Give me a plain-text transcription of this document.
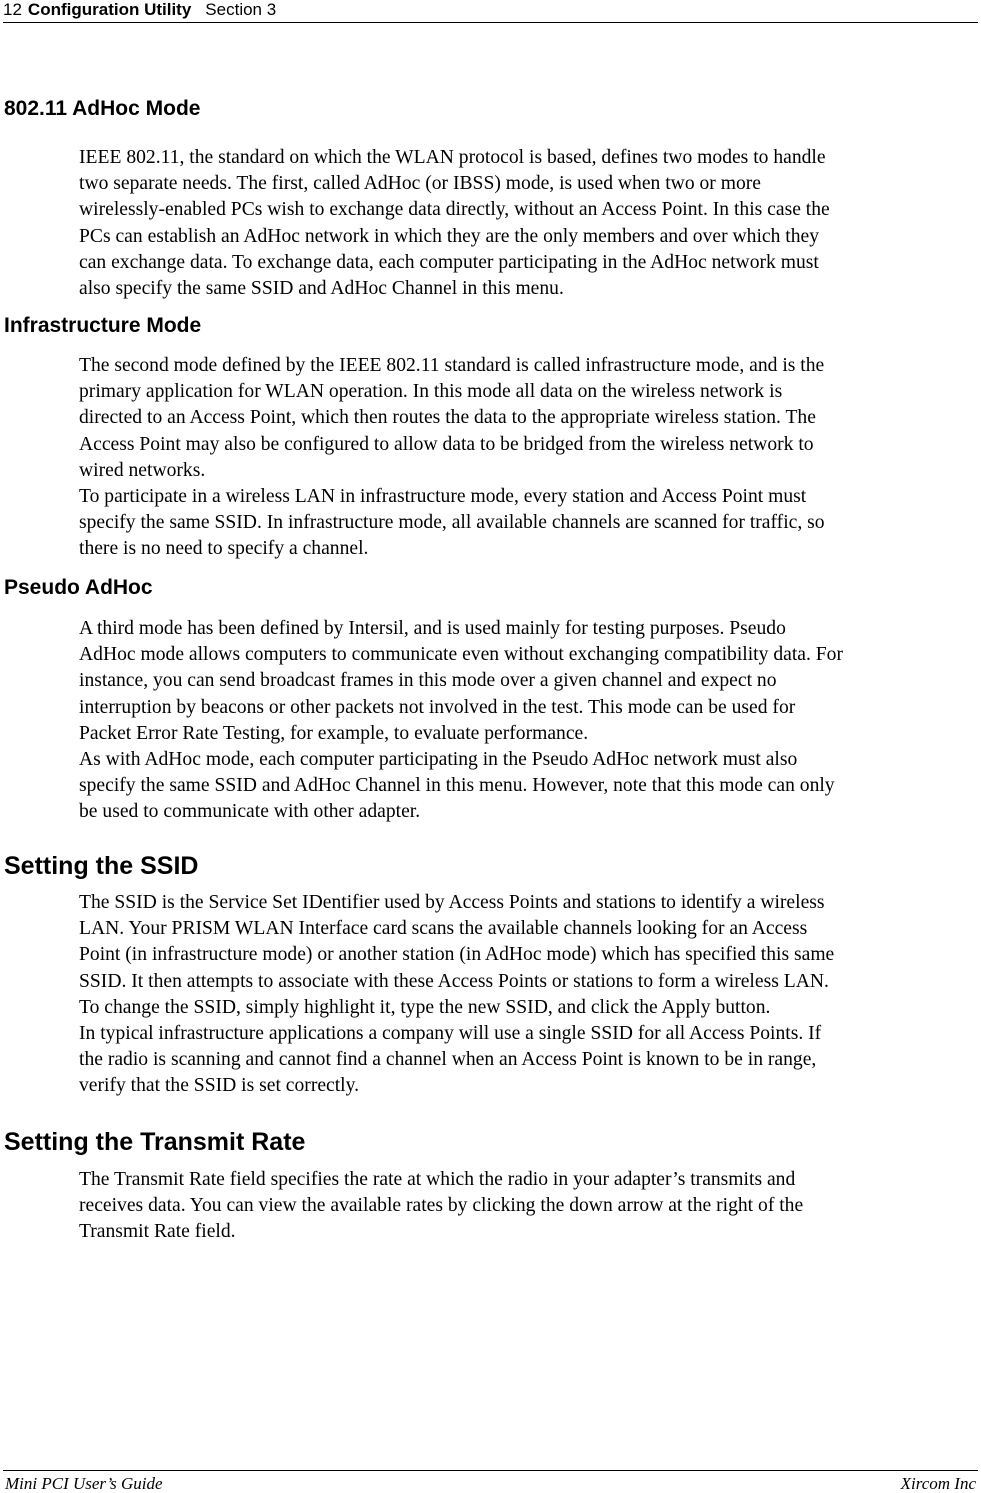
12 Configuration Utility Section 3
802.11 AdHoc Mode
IEEE 802.11, the standard on which the WLAN protocol is based, defines two modes to handle
two separate needs. The first, called AdHoc (or IBSS) mode, is used when two or more
wirelessly-enabled PCs wish to exchange data directly, without an Access Point. In this case the
PCs can establish an AdHoc network in which they are the only members and over which they
can exchange data. To exchange data, each computer participating in the AdHoc network must
also specify the same SSID and AdHoc Channel in this menu.
Infrastructure Mode
The second mode defined by the IEEE 802.11 standard is called infrastructure mode, and is the
primary application for WLAN operation. In this mode all data on the wireless network is
directed to an Access Point, which then routes the data to the appropriate wireless station. The
Access Point may also be configured to allow data to be bridged from the wireless network to
wired networks.
To participate in a wireless LAN in infrastructure mode, every station and Access Point must
specify the same SSID. In infrastructure mode, all available channels are scanned for traffic, so
there is no need to specify a channel.
Pseudo AdHoc
A third mode has been defined by Intersil, and is used mainly for testing purposes. Pseudo
AdHoc mode allows computers to communicate even without exchanging compatibility data. For
instance, you can send broadcast frames in this mode over a given channel and expect no
interruption by beacons or other packets not involved in the test. This mode can be used for
Packet Error Rate Testing, for example, to evaluate performance.
As with AdHoc mode, each computer participating in the Pseudo AdHoc network must also
specify the same SSID and AdHoc Channel in this menu. However, note that this mode can only
be used to communicate with other adapter.
Setting the SSID
The SSID is the Service Set IDentifier used by Access Points and stations to identify a wireless
LAN. Your PRISM WLAN Interface card scans the available channels looking for an Access
Point (in infrastructure mode) or another station (in AdHoc mode) which has specified this same
SSID. It then attempts to associate with these Access Points or stations to form a wireless LAN.
To change the SSID, simply highlight it, type the new SSID, and click the Apply button.
In typical infrastructure applications a company will use a single SSID for all Access Points. If
the radio is scanning and cannot find a channel when an Access Point is known to be in range,
verify that the SSID is set correctly.
Setting the Transmit Rate
The Transmit Rate field specifies the rate at which the radio in your adapter’s transmits and
receives data. You can view the available rates by clicking the down arrow at the right of the
Transmit Rate field.
Mini PCI User’s Guide	Xircom Inc
